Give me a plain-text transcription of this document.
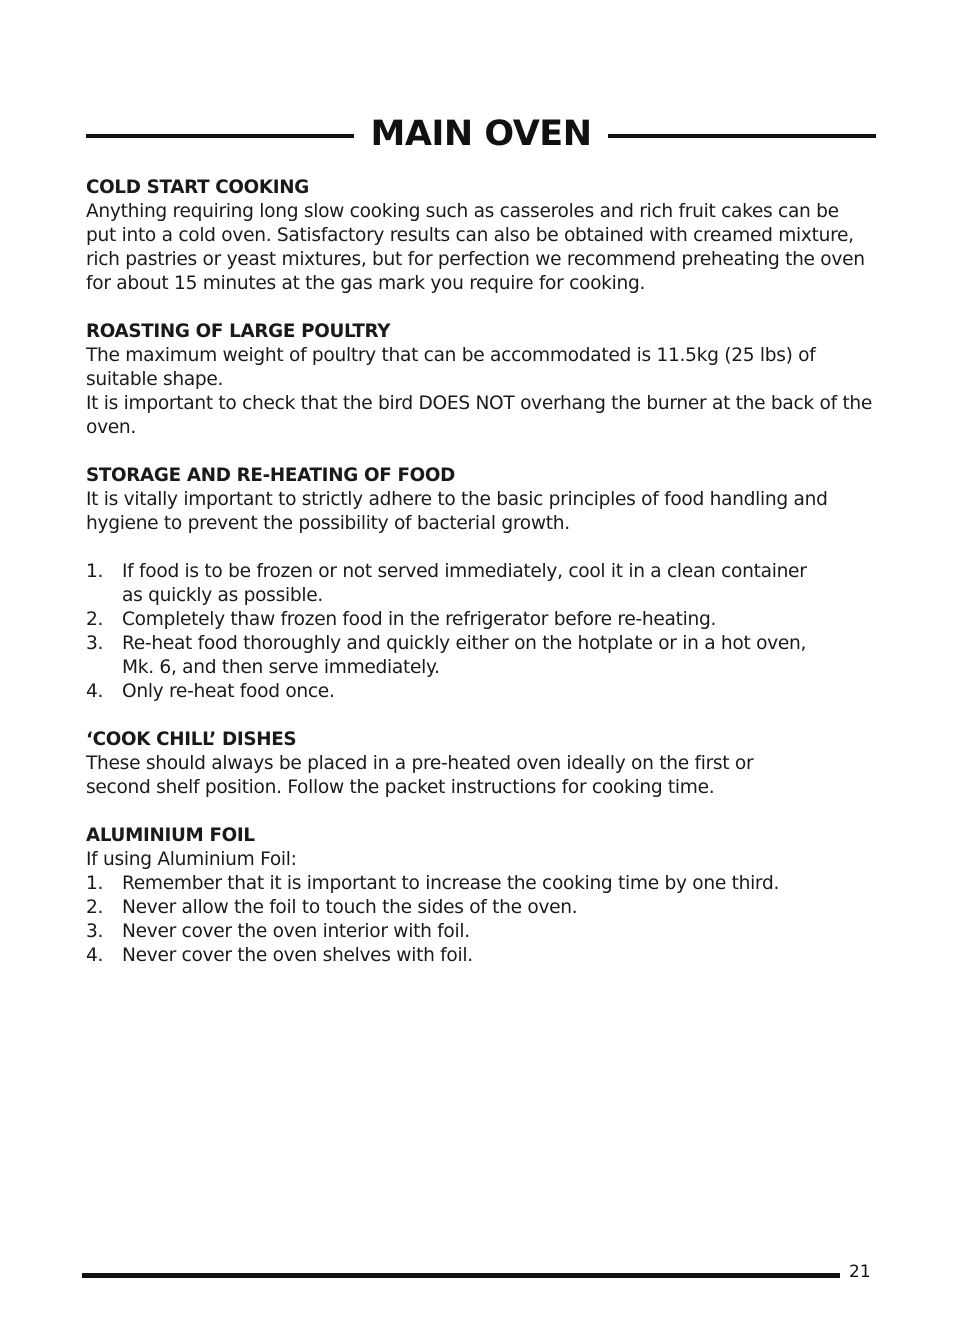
MAIN OVEN
COLD START COOKING

Anything requiring long slow cooking such as casseroles and rich fruit cakes can be put into a cold oven. Satisfactory results can also be obtained with creamed mixture, rich pastries or yeast mixtures, but for perfection we recommend preheating the oven for about 15 minutes at the gas mark you require for cooking.

ROASTING OF LARGE POULTRY

The maximum weight of poultry that can be accommodated is 11.5kg (25 lbs) of suitable shape.

It is important to check that the bird DOES NOT overhang the burner at the back of the oven.

STORAGE AND RE-HEATING OF FOOD

It is vitally important to strictly adhere to the basic principles of food handling and hygiene to prevent the possibility of bacterial growth.

1.	If food is to be frozen or not served immediately, cool it in a clean container as quickly as possible.
2.	Completely thaw frozen food in the refrigerator before re-heating.
3.	Re-heat food thoroughly and quickly either on the hotplate or in a hot oven, Mk. 6, and then serve immediately.
4.	Only re-heat food once.
‘COOK CHILL’ DISHES

These should always be placed in a pre-heated oven ideally on the first or second shelf position. Follow the packet instructions for cooking time.

ALUMINIUM FOIL

If using Aluminium Foil:

1.	Remember that it is important to increase the cooking time by one third.
2.	Never allow the foil to touch the sides of the oven.
3.	Never cover the oven interior with foil.
4.	Never cover the oven shelves with foil.
21
